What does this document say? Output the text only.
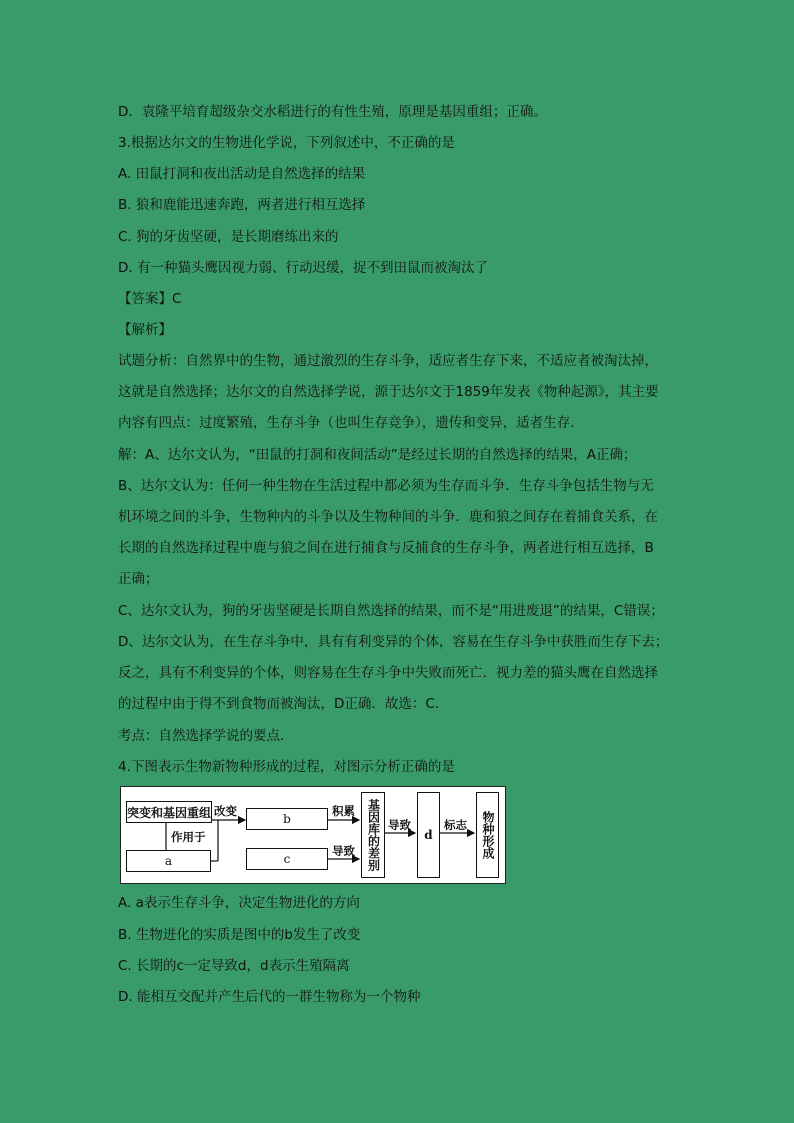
D．袁隆平培育超级杂交水稻进行的有性生殖，原理是基因重组；正确。
3.根据达尔文的生物进化学说，下列叙述中，不正确的是
A. 田鼠打洞和夜出活动是自然选择的结果
B. 狼和鹿能迅速奔跑，两者进行相互选择
C. 狗的牙齿坚硬，是长期磨练出来的
D. 有一种猫头鹰因视力弱、行动迟缓，捉不到田鼠而被淘汰了
【答案】C
【解析】
试题分析：自然界中的生物，通过激烈的生存斗争，适应者生存下来，不适应者被淘汰掉，
这就是自然选择；达尔文的自然选择学说，源于达尔文于1859年发表《物种起源》，其主要
内容有四点：过度繁殖，生存斗争（也叫生存竞争），遗传和变异，适者生存．
解：A、达尔文认为，“田鼠的打洞和夜间活动”是经过长期的自然选择的结果，A正确；
B、达尔文认为：任何一种生物在生活过程中都必须为生存而斗争．生存斗争包括生物与无
机环境之间的斗争，生物种内的斗争以及生物种间的斗争．鹿和狼之间存在着捕食关系，在
长期的自然选择过程中鹿与狼之间在进行捕食与反捕食的生存斗争，两者进行相互选择，B
正确；
C、达尔文认为，狗的牙齿坚硬是长期自然选择的结果，而不是“用进废退”的结果，C错误；
D、达尔文认为，在生存斗争中，具有有利变异的个体，容易在生存斗争中获胜而生存下去；
反之，具有不利变异的个体，则容易在生存斗争中失败而死亡．视力差的猫头鹰在自然选择
的过程中由于得不到食物而被淘汰，D正确．故选：C．
考点：自然选择学说的要点．
4.下图表示生物新物种形成的过程，对图示分析正确的是
突变和基因重组 改变
作用于
a
b
积累
c
导致 基因库的差别 导致
d
标志	物种形成
A. a表示生存斗争，决定生物进化的方向
B. 生物进化的实质是图中的b发生了改变
C. 长期的c一定导致d，d表示生殖隔离
D. 能相互交配并产生后代的一群生物称为一个物种
